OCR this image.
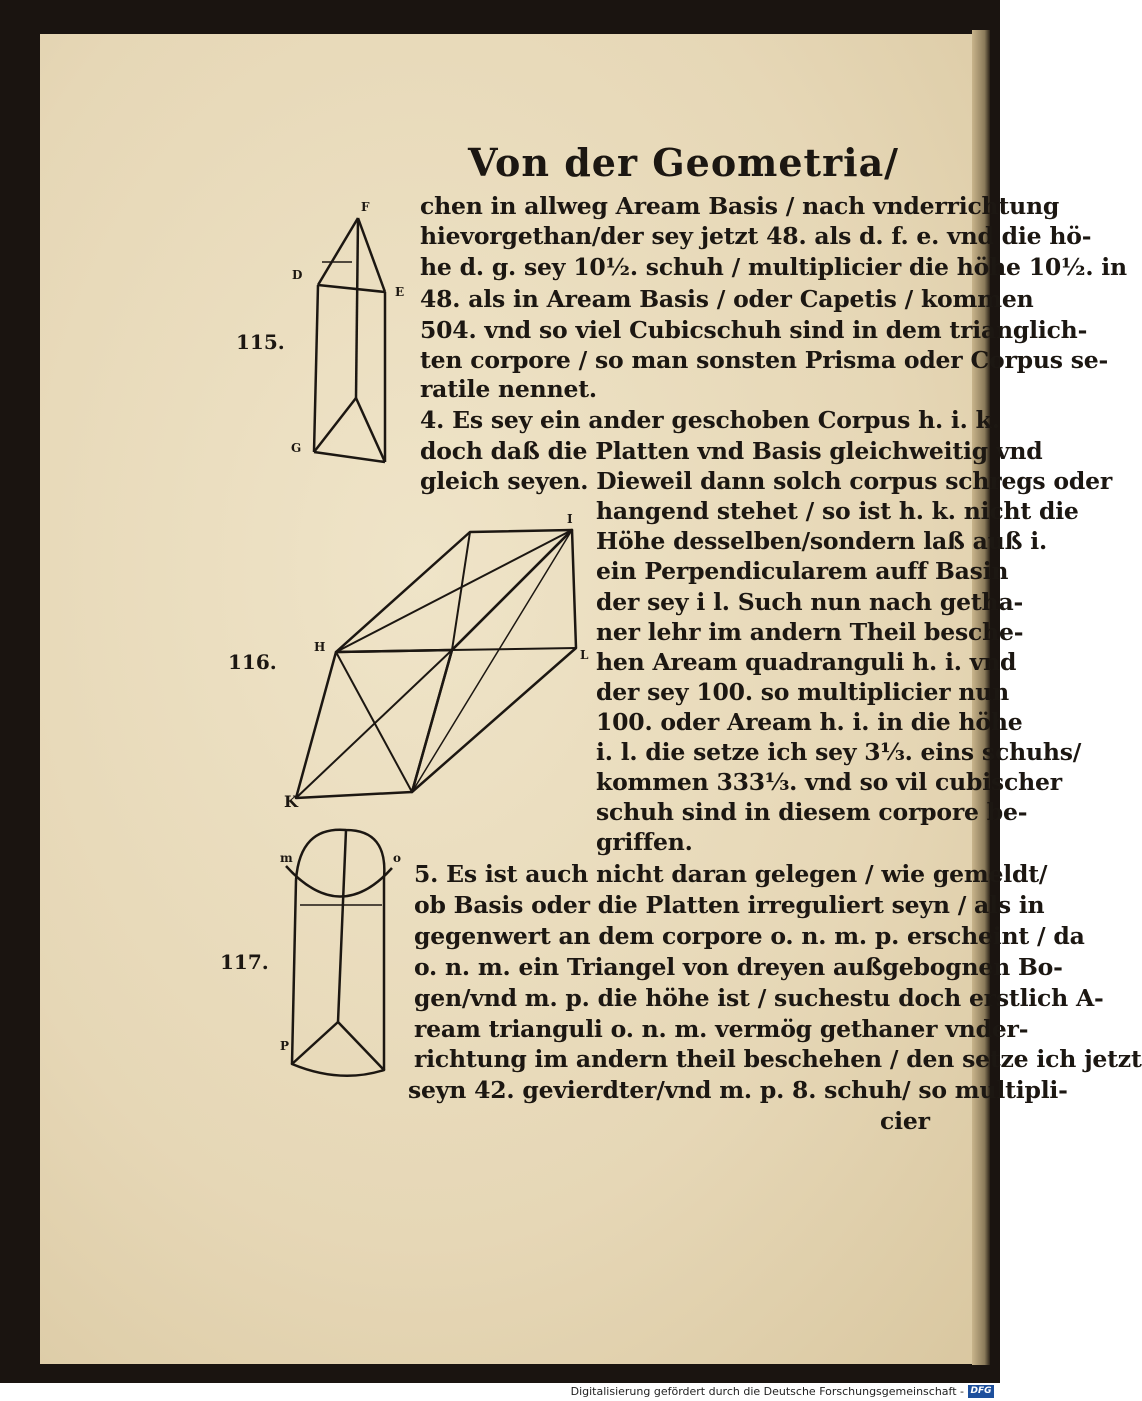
Von der Geometria/
chen in allweg Aream Basis / nach vnderrichtung
hievorgethan/der sey jetzt 48. als d. f. e. vnd die hö-
he d. g. sey 10½. schuh / multiplicier die höhe 10½. in
48. als in Aream Basis / oder Capetis / kommen
504. vnd so viel Cubicschuh sind in dem trianglich-
ten corpore / so man sonsten Prisma oder Corpus se-
ratile nennet.
4. Es sey ein ander geschoben Corpus h. i. k.
doch daß die Platten vnd Basis gleichweitig vnd
gleich seyen. Dieweil dann solch corpus schregs oder
hangend stehet / so ist h. k. nicht die
Höhe desselben/sondern laß auß i.
ein Perpendicularem auff Basin
der sey i l. Such nun nach getha-
ner lehr im andern Theil besche-
hen Aream quadranguli h. i. vnd
der sey 100. so multiplicier nun
100. oder Aream h. i. in die höhe
i. l. die setze ich sey 3⅓. eins schuhs/
kommen 333⅓. vnd so vil cubischer
schuh sind in diesem corpore be-
griffen.
5. Es ist auch nicht daran gelegen / wie gemeldt/
ob Basis oder die Platten irreguliert seyn / als in
gegenwert an dem corpore o. n. m. p. erscheint / da
o. n. m. ein Triangel von dreyen außgebognen Bo-
gen/vnd m. p. die höhe ist / suchestu doch erstlich A-
ream trianguli o. n. m. vermög gethaner vnder-
richtung im andern theil beschehen / den setze ich jetzt
seyn 42. gevierdter/vnd m. p. 8. schuh/ so multipli-
cier
115.
116.
117.
F
D
E
G
I
H
L
K
m	o
P
Digitalisierung gefördert durch die Deutsche Forschungsgemeinschaft - DFG
